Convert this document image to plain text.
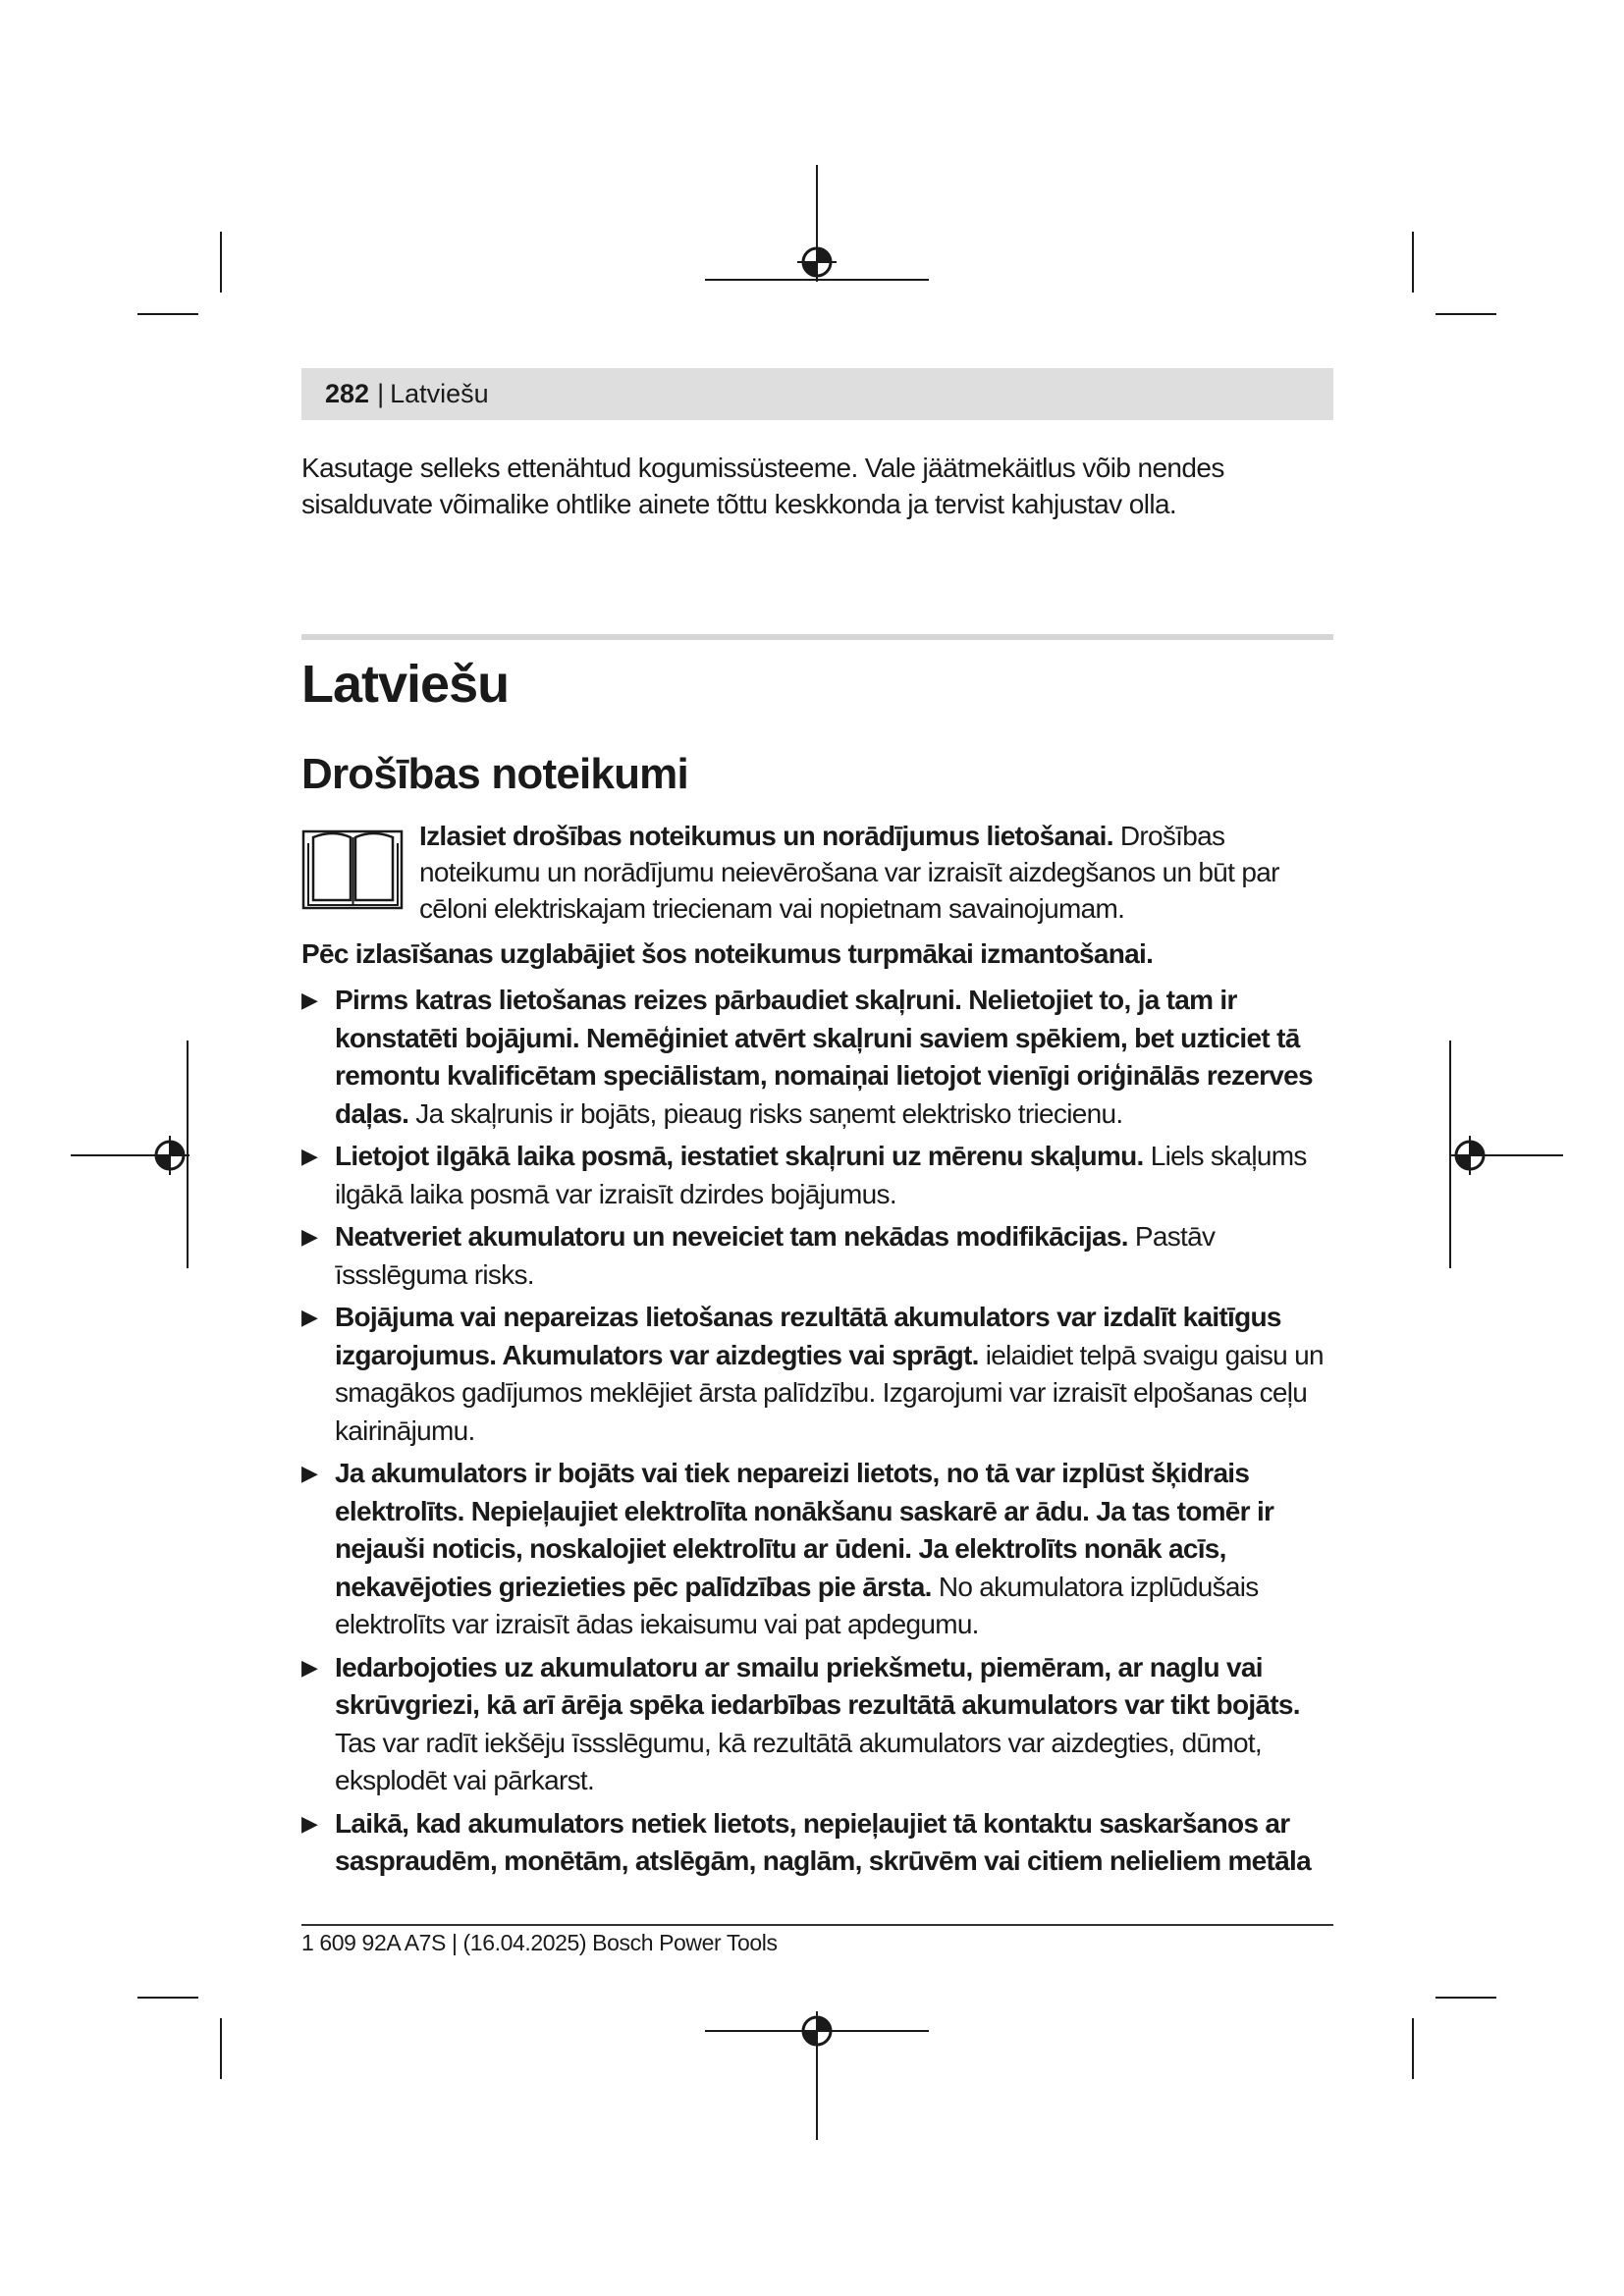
282 | Latviešu
Kasutage selleks ettenähtud kogumissüsteeme. Vale jäätmekäitlus võib nendes sisalduvate võimalike ohtlike ainete tõttu keskkonda ja tervist kahjustav olla.
Latviešu
Drošības noteikumi
Izlasiet drošības noteikumus un norādījumus lietošanai. Drošības noteikumu un norādījumu neievērošana var izraisīt aizdegšanos un būt par cēloni elektriskajam triecienam vai nopietnam savainojumam.
Pēc izlasīšanas uzglabājiet šos noteikumus turpmākai izmantošanai.
▶ Pirms katras lietošanas reizes pārbaudiet skaļruni. Nelietojiet to, ja tam ir konstatēti bojājumi. Nemēģiniet atvērt skaļruni saviem spēkiem, bet uzticiet tā remontu kvalificētam speciālistam, nomaiņai lietojot vienīgi oriģinālās rezerves daļas. Ja skaļrunis ir bojāts, pieaug risks saņemt elektrisko triecienu.
▶ Lietojot ilgākā laika posmā, iestatiet skaļruni uz mērenu skaļumu. Liels skaļums ilgākā laika posmā var izraisīt dzirdes bojājumus.
▶ Neatveriet akumulatoru un neveiciet tam nekādas modifikācijas. Pastāv īssslēguma risks.
▶ Bojājuma vai nepareizas lietošanas rezultātā akumulators var izdalīt kaitīgus izgarojumus. Akumulators var aizdegties vai sprāgt. ielaidiet telpā svaigu gaisu un smagākos gadījumos meklējiet ārsta palīdzību. Izgarojumi var izraisīt elpošanas ceļu kairinājumu.
▶ Ja akumulators ir bojāts vai tiek nepareizi lietots, no tā var izplūst šķidrais elektrolīts. Nepieļaujiet elektrolīta nonākšanu saskarē ar ādu. Ja tas tomēr ir nejauši noticis, noskalojiet elektrolītu ar ūdeni. Ja elektrolīts nonāk acīs, nekavējoties griezieties pēc palīdzības pie ārsta. No akumulatora izplūdušais elektrolīts var izraisīt ādas iekaisumu vai pat apdegumu.
▶ Iedarbojoties uz akumulatoru ar smailu priekšmetu, piemēram, ar naglu vai skrūvgriezi, kā arī ārēja spēka iedarbības rezultātā akumulators var tikt bojāts. Tas var radīt iekšēju īssslēgumu, kā rezultātā akumulators var aizdegties, dūmot, eksplodēt vai pārkarst.
▶ Laikā, kad akumulators netiek lietots, nepieļaujiet tā kontaktu saskaršanos ar saspraudēm, monētām, atslēgām, naglām, skrūvēm vai citiem nelieliem metāla
1 609 92A A7S | (16.04.2025) Bosch Power Tools
